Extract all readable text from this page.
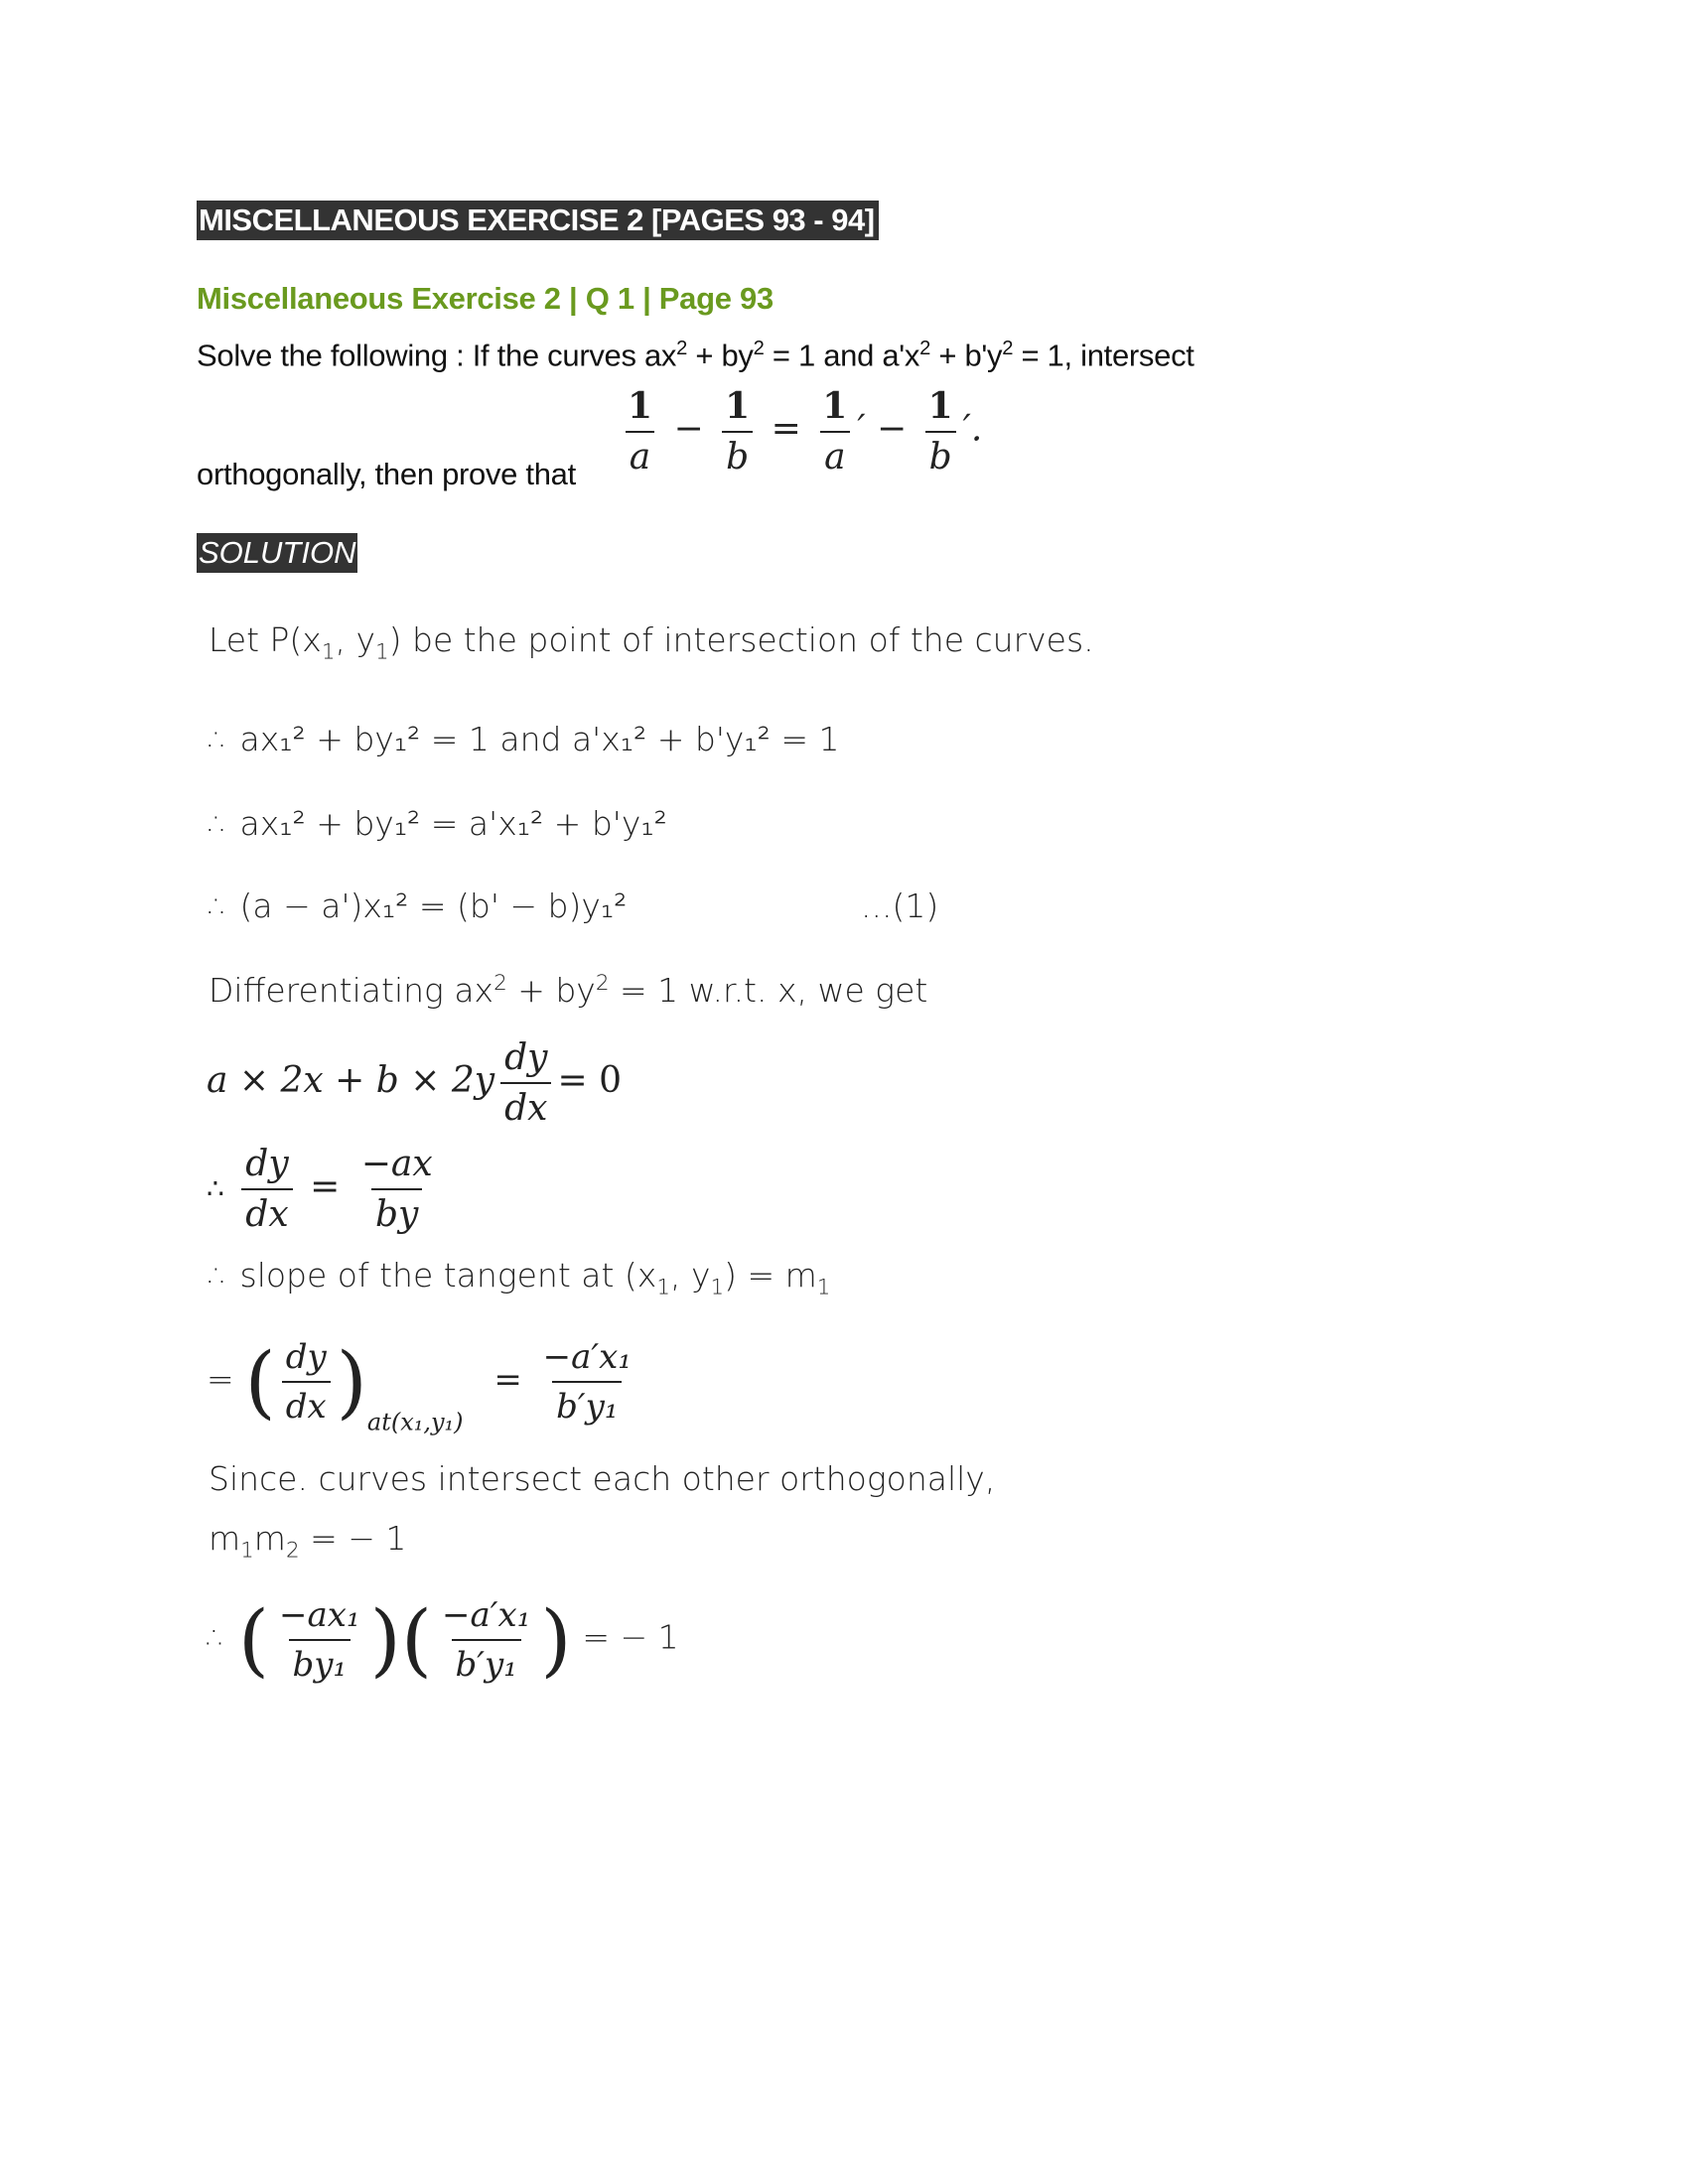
MISCELLANEOUS EXERCISE 2 [PAGES 93 - 94]
Miscellaneous Exercise 2 | Q 1 | Page 93
Solve the following : If the curves $ax^2 + by^2 = 1$ and $a'x^2 + b'y^2 = 1$, intersect
orthogonally, then prove that $\frac{1}{a} - \frac{1}{b} = \frac{1}{a}$ ′ − $\frac{1}{b}$ ′.
SOLUTION
Let $P(x_1$, $y_1$) be the point of intersection of the curves.
∴ ax₁² + by₁² = 1 and a'x₁² + b'y₁² = 1
∴ ax₁² + by₁² = a'x₁² + b'y₁²
∴ (a − a')x₁² = (b' − b)y₁²	...(1)
Differentiating $ax^2 + by^2 = 1$ w.r.t. x, we get
$a \times 2x + b \times 2y \frac{dy}{dx} = 0$
∴ $\frac{dy}{dx} = \frac{-ax}{by}$
∴ slope of the tangent at ($x_1$, $y_1) = m_1$
= ( $\frac{dy}{dx} )_{at(x_1,y_1)} = \frac{\text{−a′x₁}}{\text{b′y₁}}$
Since. curves intersect each other orthogonally,
$m_1m_2$ = − 1
∴ ( $\frac{\text{−ax₁}}{\text{by₁}}$ )( $\frac{\text{−a′x₁}}{\text{b′y₁}}$ ) = − 1
